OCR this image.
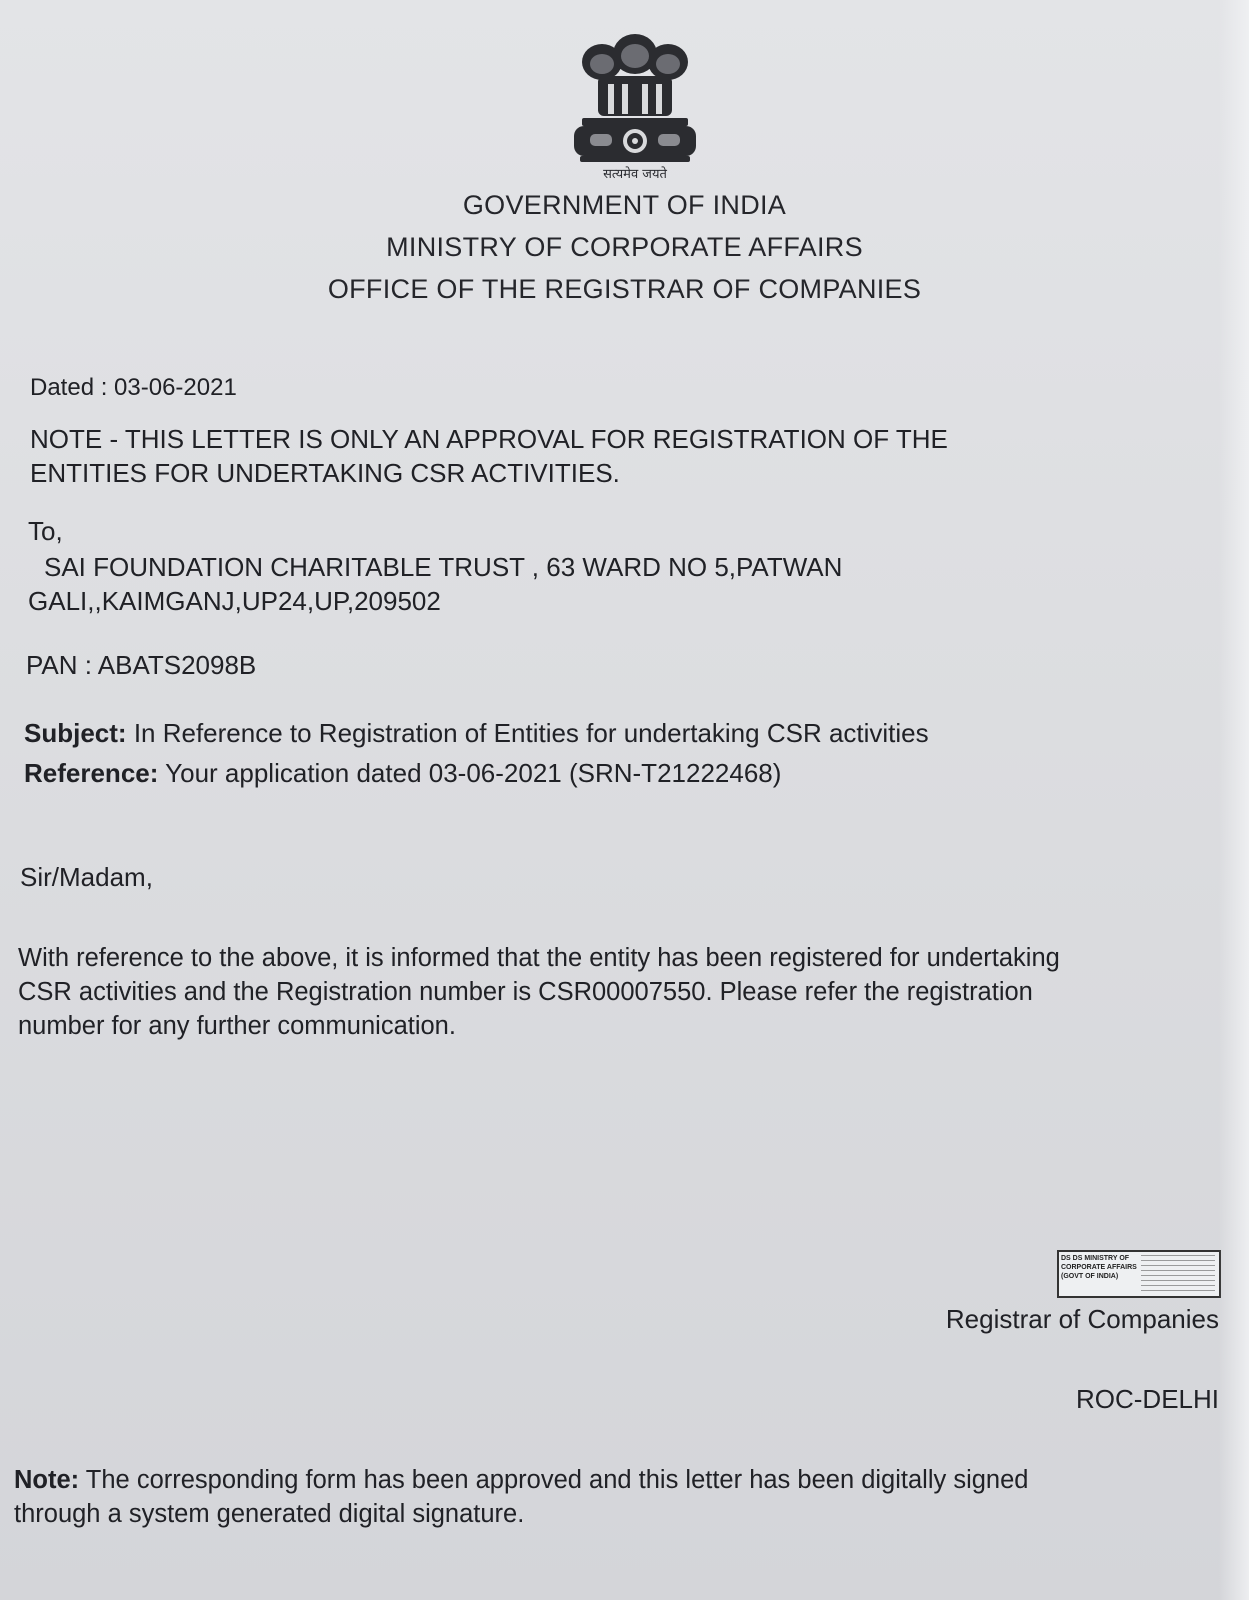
सत्यमेव जयते
GOVERNMENT OF INDIA
MINISTRY OF CORPORATE AFFAIRS
OFFICE OF THE REGISTRAR OF COMPANIES
Dated : 03-06-2021
NOTE - THIS LETTER IS ONLY AN APPROVAL FOR REGISTRATION OF THE
ENTITIES FOR UNDERTAKING CSR ACTIVITIES.
To,
SAI FOUNDATION CHARITABLE TRUST , 63 WARD NO 5,PATWAN
GALI,,KAIMGANJ,UP24,UP,209502
PAN : ABATS2098B
Subject: In Reference to Registration of Entities for undertaking CSR activities
Reference: Your application dated 03-06-2021 (SRN-T21222468)
Sir/Madam,
With reference to the above, it is informed that the entity has been registered for undertaking
CSR activities and the Registration number is CSR00007550. Please refer the registration
number for any further communication.
DS DS MINISTRY OF CORPORATE AFFAIRS (GOVT OF INDIA)
Registrar of Companies
ROC-DELHI
Note: The corresponding form has been approved and this letter has been digitally signed
through a system generated digital signature.
